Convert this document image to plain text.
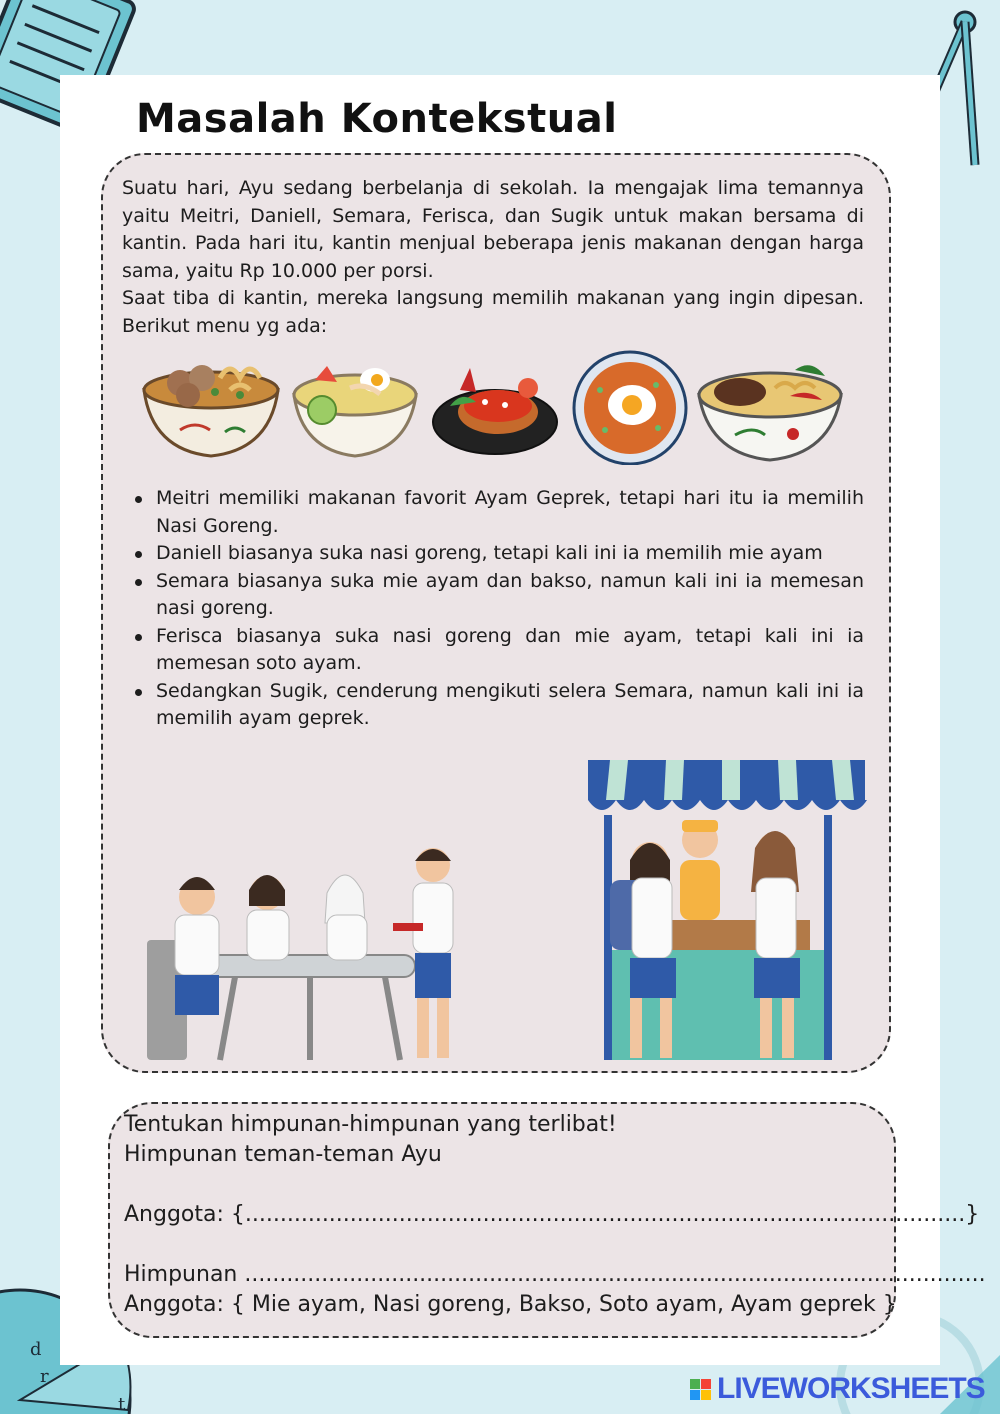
d
r
t
Masalah Kontekstual

Suatu hari, Ayu sedang berbelanja di sekolah. Ia mengajak lima temannya yaitu Meitri, Daniell, Semara, Ferisca, dan Sugik untuk makan bersama di kantin. Pada hari itu, kantin menjual beberapa jenis makanan dengan harga sama, yaitu Rp 10.000 per porsi.

Saat tiba di kantin, mereka langsung memilih makanan yang ingin dipesan. Berikut menu yg ada:

Meitri memiliki makanan favorit Ayam Geprek, tetapi hari itu ia memilih Nasi Goreng.
Daniell biasanya suka nasi goreng, tetapi kali ini ia memilih mie ayam
Semara biasanya suka mie ayam dan bakso, namun kali ini ia memesan nasi goreng.
Ferisca biasanya suka nasi goreng dan mie ayam, tetapi kali ini ia memesan soto ayam.
Sedangkan Sugik, cenderung mengikuti selera Semara, namun kali ini ia memilih ayam geprek.
Tentukan himpunan-himpunan yang terlibat!
Himpunan teman-teman Ayu
Anggota: {.......................................................................................................}
Himpunan ..........................................................................................................
Anggota: { Mie ayam, Nasi goreng, Bakso, Soto ayam, Ayam geprek }
LIVEWORKSHEETS
